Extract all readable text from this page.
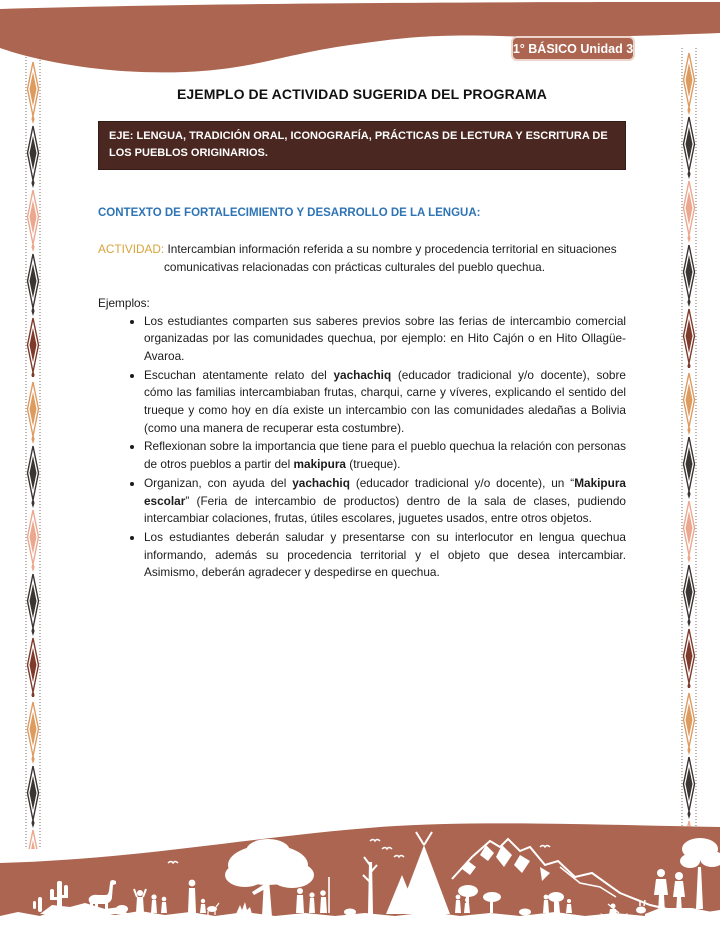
1° BÁSICO Unidad 3
EJEMPLO DE ACTIVIDAD SUGERIDA DEL PROGRAMA
EJE: LENGUA, TRADICIÓN ORAL, ICONOGRAFÍA, PRÁCTICAS DE LECTURA Y ESCRITURA DE LOS PUEBLOS ORIGINARIOS.
CONTEXTO DE FORTALECIMIENTO Y DESARROLLO DE LA LENGUA:

ACTIVIDAD: Intercambian información referida a su nombre y procedencia territorial en situaciones comunicativas relacionadas con prácticas culturales del pueblo quechua.

Ejemplos:
• Los estudiantes comparten sus saberes previos sobre las ferias de intercambio comercial organizadas por las comunidades quechua, por ejemplo: en Hito Cajón o en Hito Ollagüe-Avaroa.
• Escuchan atentamente relato del yachachiq (educador tradicional y/o docente), sobre cómo las familias intercambiaban frutas, charqui, carne y víveres, explicando el sentido del trueque y como hoy en día existe un intercambio con las comunidades aledañas a Bolivia (como una manera de recuperar esta costumbre).
• Reflexionan sobre la importancia que tiene para el pueblo quechua la relación con personas de otros pueblos a partir del makipura (trueque).
• Organizan, con ayuda del yachachiq (educador tradicional y/o docente), un “Makipura escolar” (Feria de intercambio de productos) dentro de la sala de clases, pudiendo intercambiar colaciones, frutas, útiles escolares, juguetes usados, entre otros objetos.
• Los estudiantes deberán saludar y presentarse con su interlocutor en lengua quechua informando, además su procedencia territorial y el objeto que desea intercambiar. Asimismo, deberán agradecer y despedirse en quechua.
